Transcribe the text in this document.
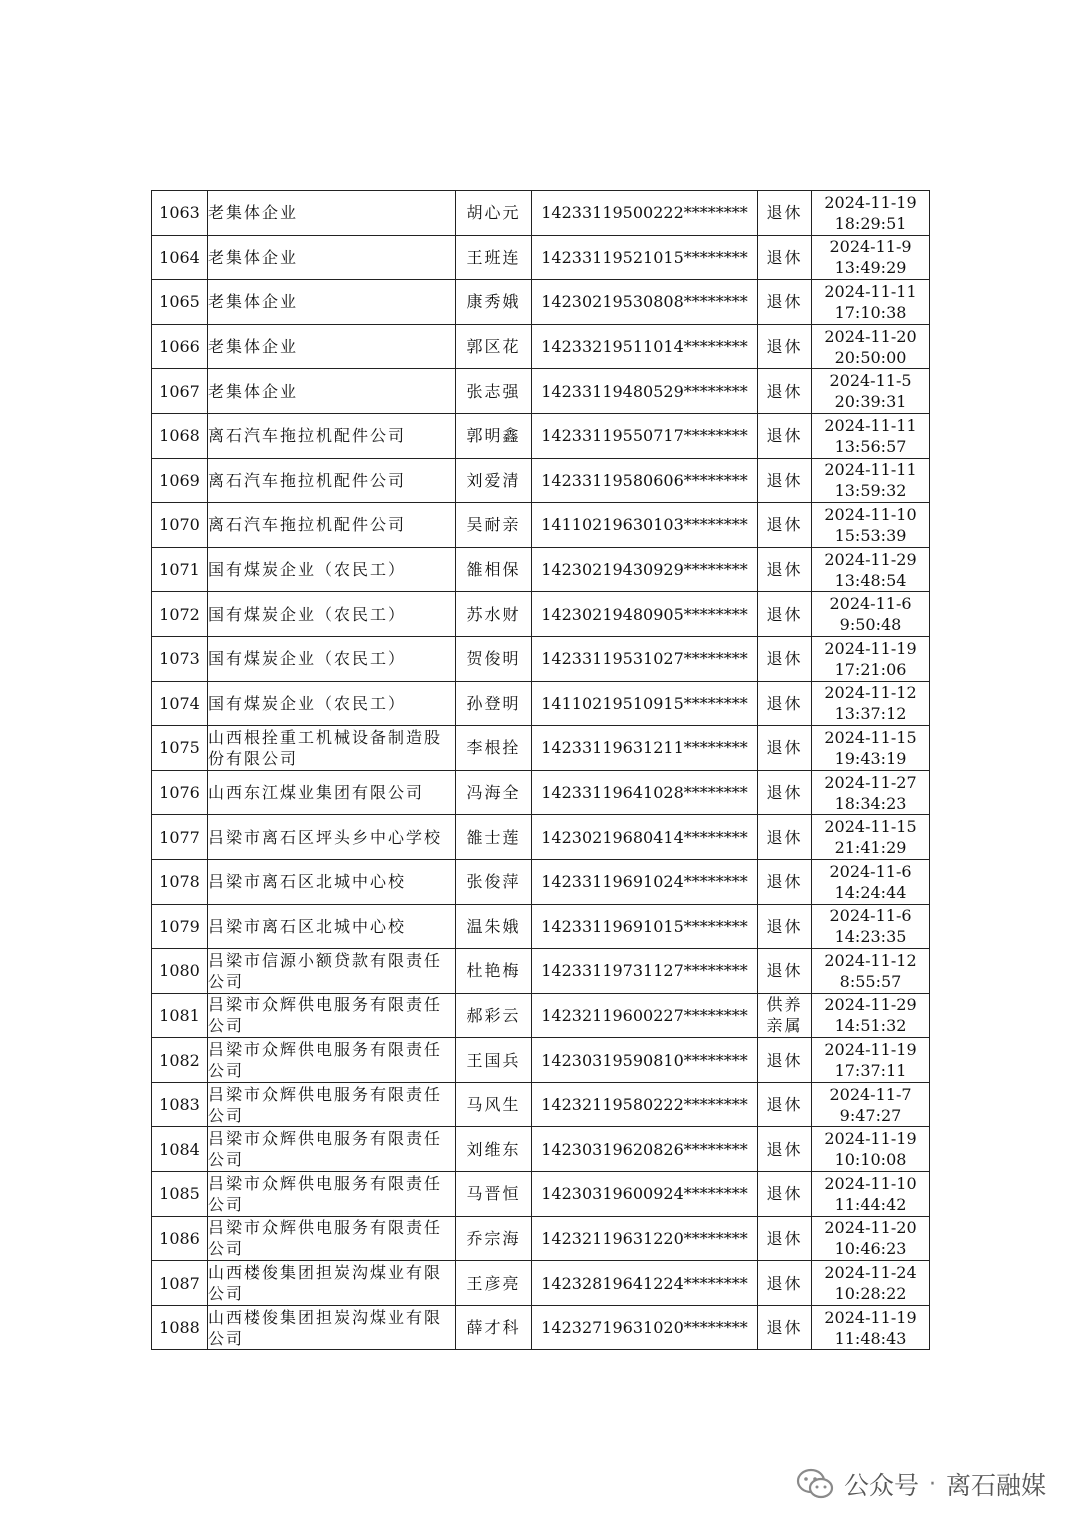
1063	老集体企业	胡心元	14233119500222********	退休	2024-11-19
18:29:51

1064	老集体企业	王班连	14233119521015********	退休	2024-11-9
13:49:29

1065	老集体企业	康秀娥	14230219530808********	退休	2024-11-11
17:10:38

1066	老集体企业	郭区花	14233219511014********	退休	2024-11-20
20:50:00

1067	老集体企业	张志强	14233119480529********	退休	2024-11-5
20:39:31

1068	离石汽车拖拉机配件公司	郭明鑫	14233119550717********	退休	2024-11-11
13:56:57

1069	离石汽车拖拉机配件公司	刘爱清	14233119580606********	退休	2024-11-11
13:59:32

1070	离石汽车拖拉机配件公司	吴耐亲	14110219630103********	退休	2024-11-10
15:53:39

1071	国有煤炭企业（农民工）	雒相保	14230219430929********	退休	2024-11-29
13:48:54

1072	国有煤炭企业（农民工）	苏水财	14230219480905********	退休	2024-11-6
9:50:48

1073	国有煤炭企业（农民工）	贺俊明	14233119531027********	退休	2024-11-19
17:21:06

1074	国有煤炭企业（农民工）	孙登明	14110219510915********	退休	2024-11-12
13:37:12

1075	山西根拴重工机械设备制造股份有限公司	李根拴	14233119631211********	退休	2024-11-15
19:43:19

1076	山西东江煤业集团有限公司	冯海全	14233119641028********	退休	2024-11-27
18:34:23

1077	吕梁市离石区坪头乡中心学校	雒士莲	14230219680414********	退休	2024-11-15
21:41:29

1078	吕梁市离石区北城中心校	张俊萍	14233119691024********	退休	2024-11-6
14:24:44

1079	吕梁市离石区北城中心校	温朱娥	14233119691015********	退休	2024-11-6
14:23:35

1080	吕梁市信源小额贷款有限责任公司	杜艳梅	14233119731127********	退休	2024-11-12
8:55:57

1081	吕梁市众辉供电服务有限责任公司	郝彩云	14232119600227********	供养亲属	2024-11-29
14:51:32

1082	吕梁市众辉供电服务有限责任公司	王国兵	14230319590810********	退休	2024-11-19
17:37:11

1083	吕梁市众辉供电服务有限责任公司	马风生	14232119580222********	退休	2024-11-7
9:47:27

1084	吕梁市众辉供电服务有限责任公司	刘维东	14230319620826********	退休	2024-11-19
10:10:08

1085	吕梁市众辉供电服务有限责任公司	马晋恒	14230319600924********	退休	2024-11-10
11:44:42

1086	吕梁市众辉供电服务有限责任公司	乔宗海	14232119631220********	退休	2024-11-20
10:46:23

1087	山西楼俊集团担炭沟煤业有限公司	王彦亮	14232819641224********	退休	2024-11-24
10:28:22

1088	山西楼俊集团担炭沟煤业有限公司	薛才科	14232719631020********	退休	2024-11-19
11:48:43
公众号 · 离石融媒
